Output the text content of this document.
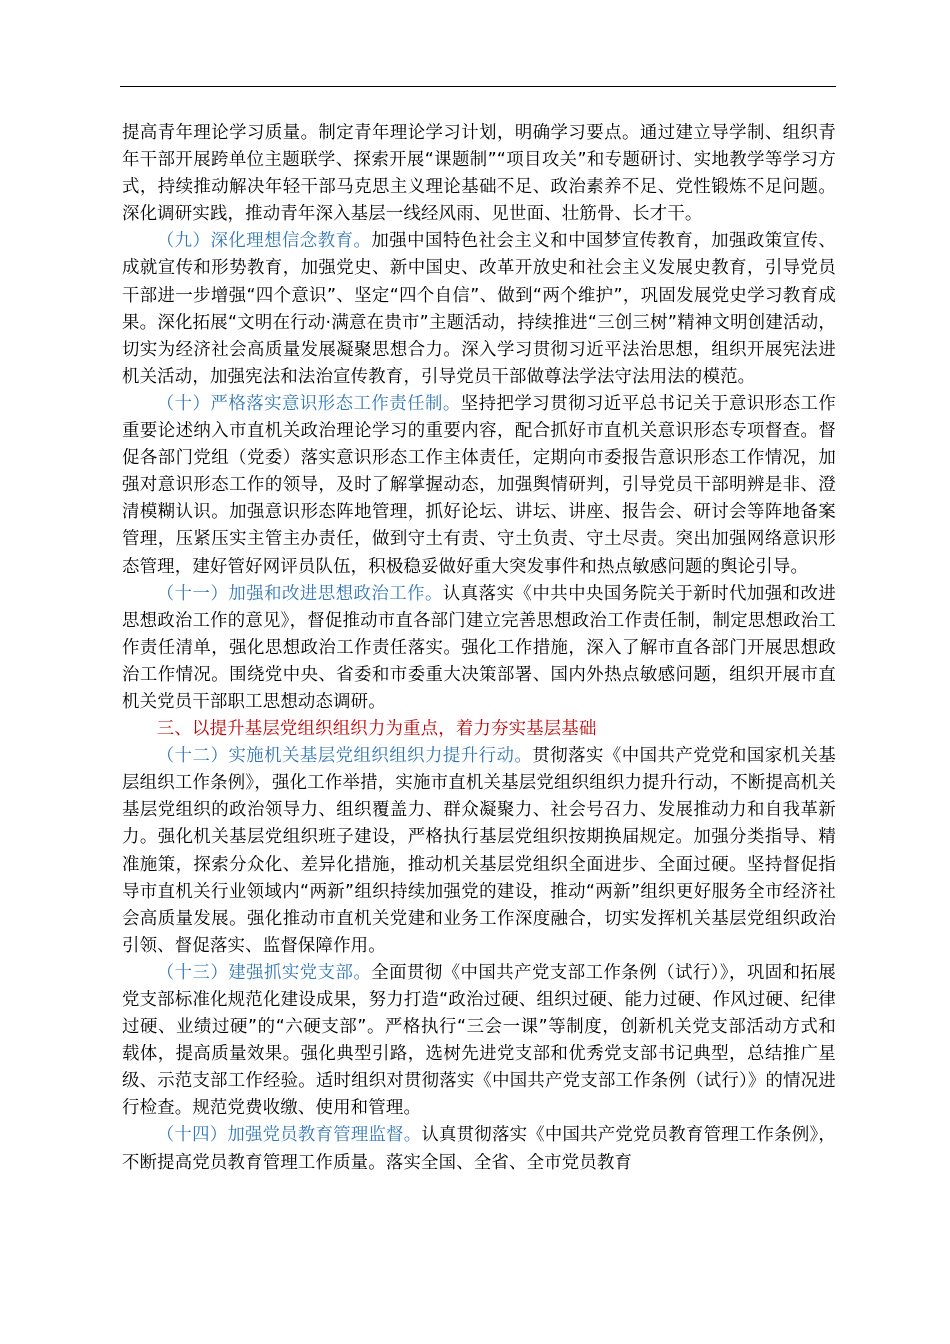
提高青年理论学习质量。制定青年理论学习计划，明确学习要点。通过建立导学制、组织青年干部开展跨单位主题联学、探索开展“课题制”“项目攻关”和专题研讨、实地教学等学习方式，持续推动解决年轻干部马克思主义理论基础不足、政治素养不足、党性锻炼不足问题。深化调研实践，推动青年深入基层一线经风雨、见世面、壮筋骨、长才干。

（九）深化理想信念教育。加强中国特色社会主义和中国梦宣传教育，加强政策宣传、成就宣传和形势教育，加强党史、新中国史、改革开放史和社会主义发展史教育，引导党员干部进一步增强“四个意识”、坚定“四个自信”、做到“两个维护”，巩固发展党史学习教育成果。深化拓展“文明在行动·满意在贵市”主题活动，持续推进“三创三树”精神文明创建活动，切实为经济社会高质量发展凝聚思想合力。深入学习贯彻习近平法治思想，组织开展宪法进机关活动，加强宪法和法治宣传教育，引导党员干部做尊法学法守法用法的模范。

（十）严格落实意识形态工作责任制。坚持把学习贯彻习近平总书记关于意识形态工作重要论述纳入市直机关政治理论学习的重要内容，配合抓好市直机关意识形态专项督查。督促各部门党组（党委）落实意识形态工作主体责任，定期向市委报告意识形态工作情况，加强对意识形态工作的领导，及时了解掌握动态，加强舆情研判，引导党员干部明辨是非、澄清模糊认识。加强意识形态阵地管理，抓好论坛、讲坛、讲座、报告会、研讨会等阵地备案管理，压紧压实主管主办责任，做到守土有责、守土负责、守土尽责。突出加强网络意识形态管理，建好管好网评员队伍，积极稳妥做好重大突发事件和热点敏感问题的舆论引导。

（十一）加强和改进思想政治工作。认真落实《中共中央国务院关于新时代加强和改进思想政治工作的意见》，督促推动市直各部门建立完善思想政治工作责任制，制定思想政治工作责任清单，强化思想政治工作责任落实。强化工作措施，深入了解市直各部门开展思想政治工作情况。围绕党中央、省委和市委重大决策部署、国内外热点敏感问题，组织开展市直机关党员干部职工思想动态调研。

三、以提升基层党组织组织力为重点，着力夯实基层基础

（十二）实施机关基层党组织组织力提升行动。贯彻落实《中国共产党党和国家机关基层组织工作条例》，强化工作举措，实施市直机关基层党组织组织力提升行动，不断提高机关基层党组织的政治领导力、组织覆盖力、群众凝聚力、社会号召力、发展推动力和自我革新力。强化机关基层党组织班子建设，严格执行基层党组织按期换届规定。加强分类指导、精准施策，探索分众化、差异化措施，推动机关基层党组织全面进步、全面过硬。坚持督促指导市直机关行业领域内“两新”组织持续加强党的建设，推动“两新”组织更好服务全市经济社会高质量发展。强化推动市直机关党建和业务工作深度融合，切实发挥机关基层党组织政治引领、督促落实、监督保障作用。

（十三）建强抓实党支部。全面贯彻《中国共产党支部工作条例（试行）》，巩固和拓展党支部标准化规范化建设成果，努力打造“政治过硬、组织过硬、能力过硬、作风过硬、纪律过硬、业绩过硬”的“六硬支部”。严格执行“三会一课”等制度，创新机关党支部活动方式和载体，提高质量效果。强化典型引路，选树先进党支部和优秀党支部书记典型，总结推广星级、示范支部工作经验。适时组织对贯彻落实《中国共产党支部工作条例（试行）》的情况进行检查。规范党费收缴、使用和管理。

（十四）加强党员教育管理监督。认真贯彻落实《中国共产党党员教育管理工作条例》，不断提高党员教育管理工作质量。落实全国、全省、全市党员教育
